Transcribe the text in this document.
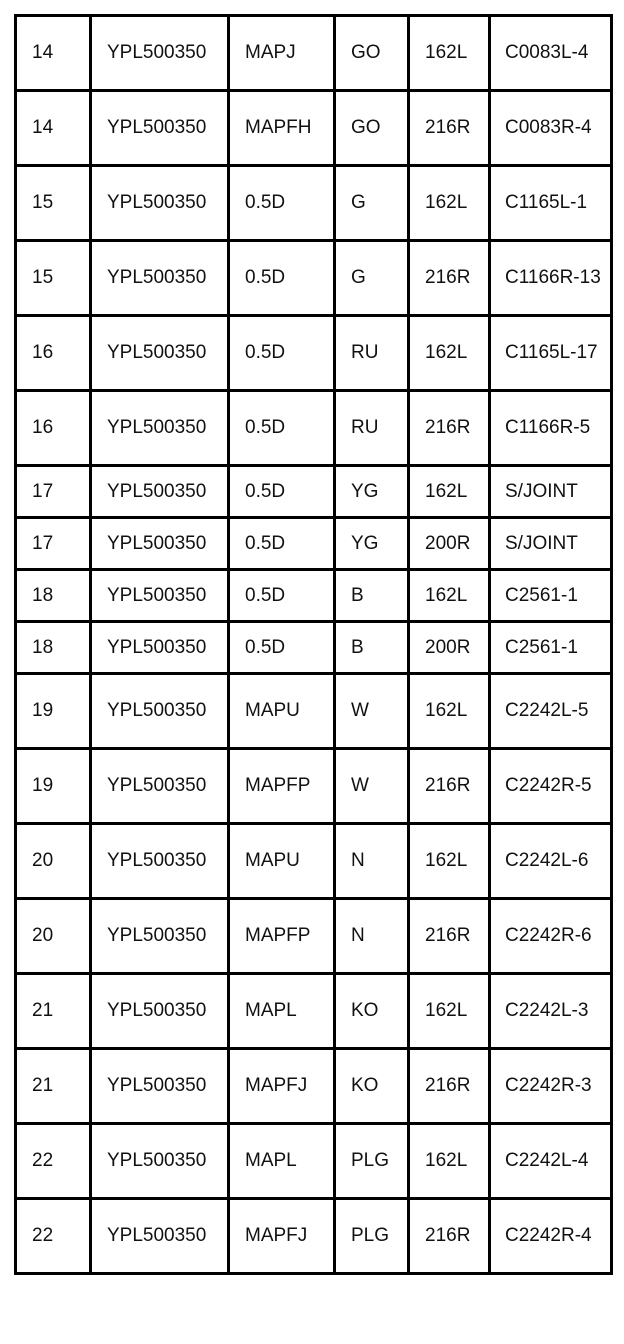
14	YPL500350	MAPJ	GO	162L	C0083L-4
14	YPL500350	MAPFH	GO	216R	C0083R-4
15	YPL500350	0.5D	G	162L	C1165L-1
15	YPL500350	0.5D	G	216R	C1166R-13
16	YPL500350	0.5D	RU	162L	C1165L-17
16	YPL500350	0.5D	RU	216R	C1166R-5
17	YPL500350	0.5D	YG	162L	S/JOINT
17	YPL500350	0.5D	YG	200R	S/JOINT
18	YPL500350	0.5D	B	162L	C2561-1
18	YPL500350	0.5D	B	200R	C2561-1
19	YPL500350	MAPU	W	162L	C2242L-5
19	YPL500350	MAPFP	W	216R	C2242R-5
20	YPL500350	MAPU	N	162L	C2242L-6
20	YPL500350	MAPFP	N	216R	C2242R-6
21	YPL500350	MAPL	KO	162L	C2242L-3
21	YPL500350	MAPFJ	KO	216R	C2242R-3
22	YPL500350	MAPL	PLG	162L	C2242L-4
22	YPL500350	MAPFJ	PLG	216R	C2242R-4
